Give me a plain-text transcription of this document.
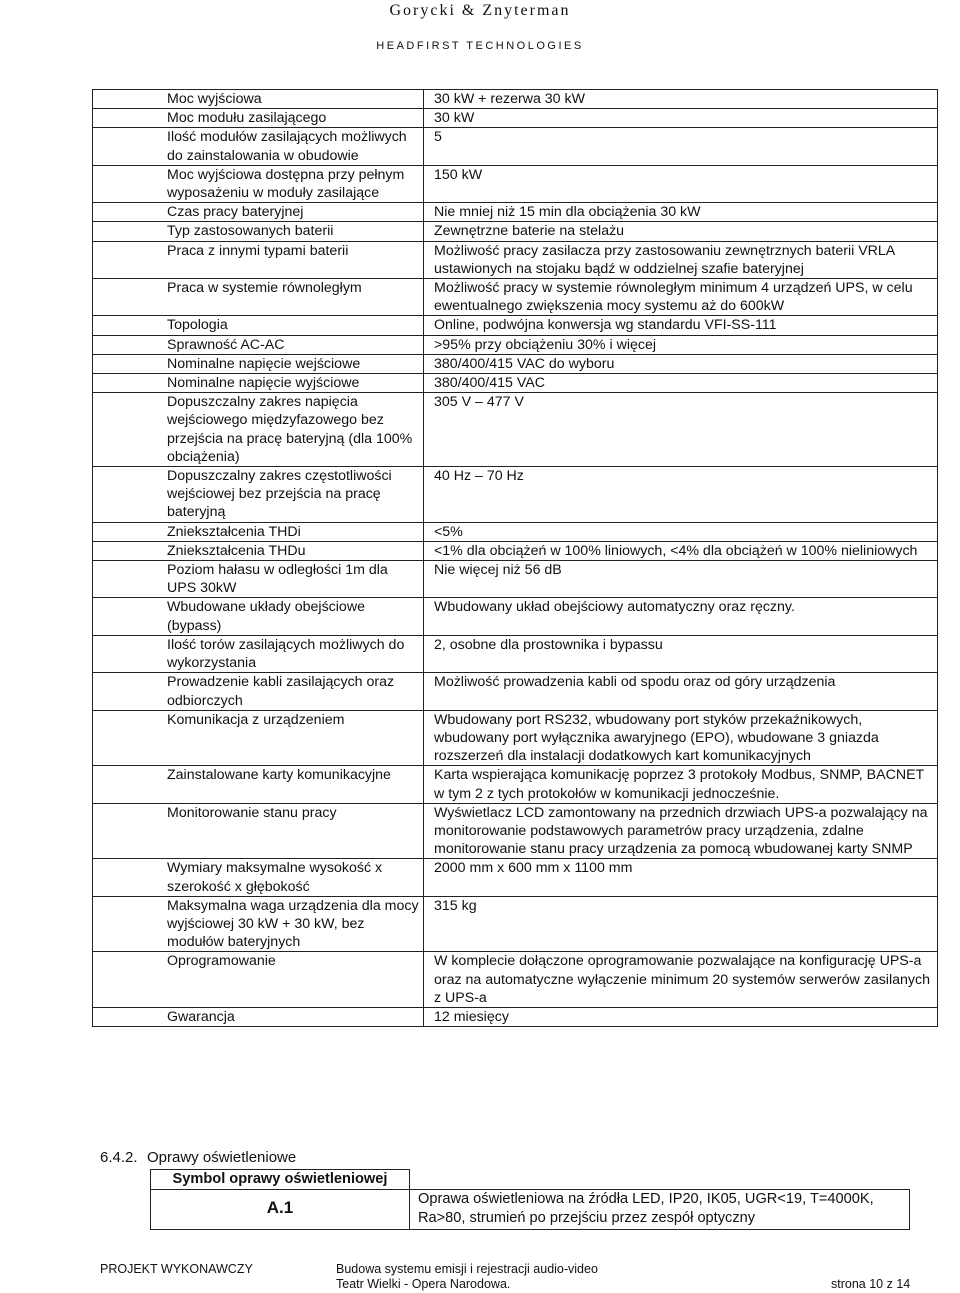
Gorycki & Znyterman
HEADFIRST TECHNOLOGIES
	Moc wyjściowa	30 kW + rezerwa 30 kW
	Moc modułu zasilającego	30 kW
	Ilość modułów zasilających możliwych do zainstalowania w obudowie	5
	Moc wyjściowa dostępna przy pełnym wyposażeniu w moduły zasilające	150 kW
	Czas pracy bateryjnej	Nie mniej niż 15 min dla obciążenia 30 kW
	Typ zastosowanych baterii	Zewnętrzne baterie na stelażu
	Praca z innymi typami baterii	Możliwość pracy zasilacza przy zastosowaniu zewnętrznych baterii VRLA ustawionych na stojaku bądź w oddzielnej szafie bateryjnej
	Praca w systemie równoległym	Możliwość pracy w systemie równoległym minimum 4 urządzeń UPS, w celu ewentualnego zwiększenia mocy systemu aż do 600kW
	Topologia	Online, podwójna konwersja wg standardu VFI-SS-111
	Sprawność AC-AC	>95% przy obciążeniu 30% i więcej
	Nominalne napięcie wejściowe	380/400/415 VAC do wyboru
	Nominalne napięcie wyjściowe	380/400/415 VAC
	Dopuszczalny zakres napięcia wejściowego międzyfazowego bez przejścia na pracę bateryjną (dla 100% obciążenia)	305 V – 477 V
	Dopuszczalny zakres częstotliwości wejściowej bez przejścia na pracę bateryjną	40 Hz – 70 Hz
	Zniekształcenia THDi	<5%
	Zniekształcenia THDu	<1% dla obciążeń w 100% liniowych, <4% dla obciążeń w 100% nieliniowych
	Poziom hałasu w odległości 1m dla UPS 30kW	Nie więcej niż 56 dB
	Wbudowane układy obejściowe (bypass)	Wbudowany układ obejściowy automatyczny oraz ręczny.
	Ilość torów zasilających możliwych do wykorzystania	2, osobne dla prostownika i bypassu
	Prowadzenie kabli zasilających oraz odbiorczych	Możliwość prowadzenia kabli od spodu oraz od góry urządzenia
	Komunikacja z urządzeniem	Wbudowany port RS232, wbudowany port styków przekaźnikowych, wbudowany port wyłącznika awaryjnego (EPO), wbudowane 3 gniazda rozszerzeń dla instalacji dodatkowych kart komunikacyjnych
	Zainstalowane karty komunikacyjne	Karta wspierająca komunikację poprzez 3 protokoły Modbus, SNMP, BACNET w tym 2 z tych protokołów w komunikacji jednocześnie.
	Monitorowanie stanu pracy	Wyświetlacz LCD zamontowany na przednich drzwiach UPS-a pozwalający na monitorowanie podstawowych parametrów pracy urządzenia, zdalne monitorowanie stanu pracy urządzenia za pomocą wbudowanej karty SNMP
	Wymiary maksymalne wysokość x szerokość x głębokość	2000 mm x 600 mm x 1100 mm
	Maksymalna waga urządzenia dla mocy wyjściowej 30 kW + 30 kW, bez modułów bateryjnych	315 kg
	Oprogramowanie	W komplecie dołączone oprogramowanie pozwalające na konfigurację UPS-a oraz na automatyczne wyłączenie minimum 20 systemów serwerów zasilanych z UPS-a
	Gwarancja	12 miesięcy
6.4.2. Oprawy oświetleniowe
Symbol oprawy oświetleniowej	
A.1	Oprawa oświetleniowa na źródła LED, IP20, IK05, UGR<19, T=4000K, Ra>80, strumień po przejściu przez zespół optyczny
PROJEKT WYKONAWCZY	Budowa systemu emisji i rejestracji audio-video
Teatr Wielki - Opera Narodowa.	strona 10 z 14
